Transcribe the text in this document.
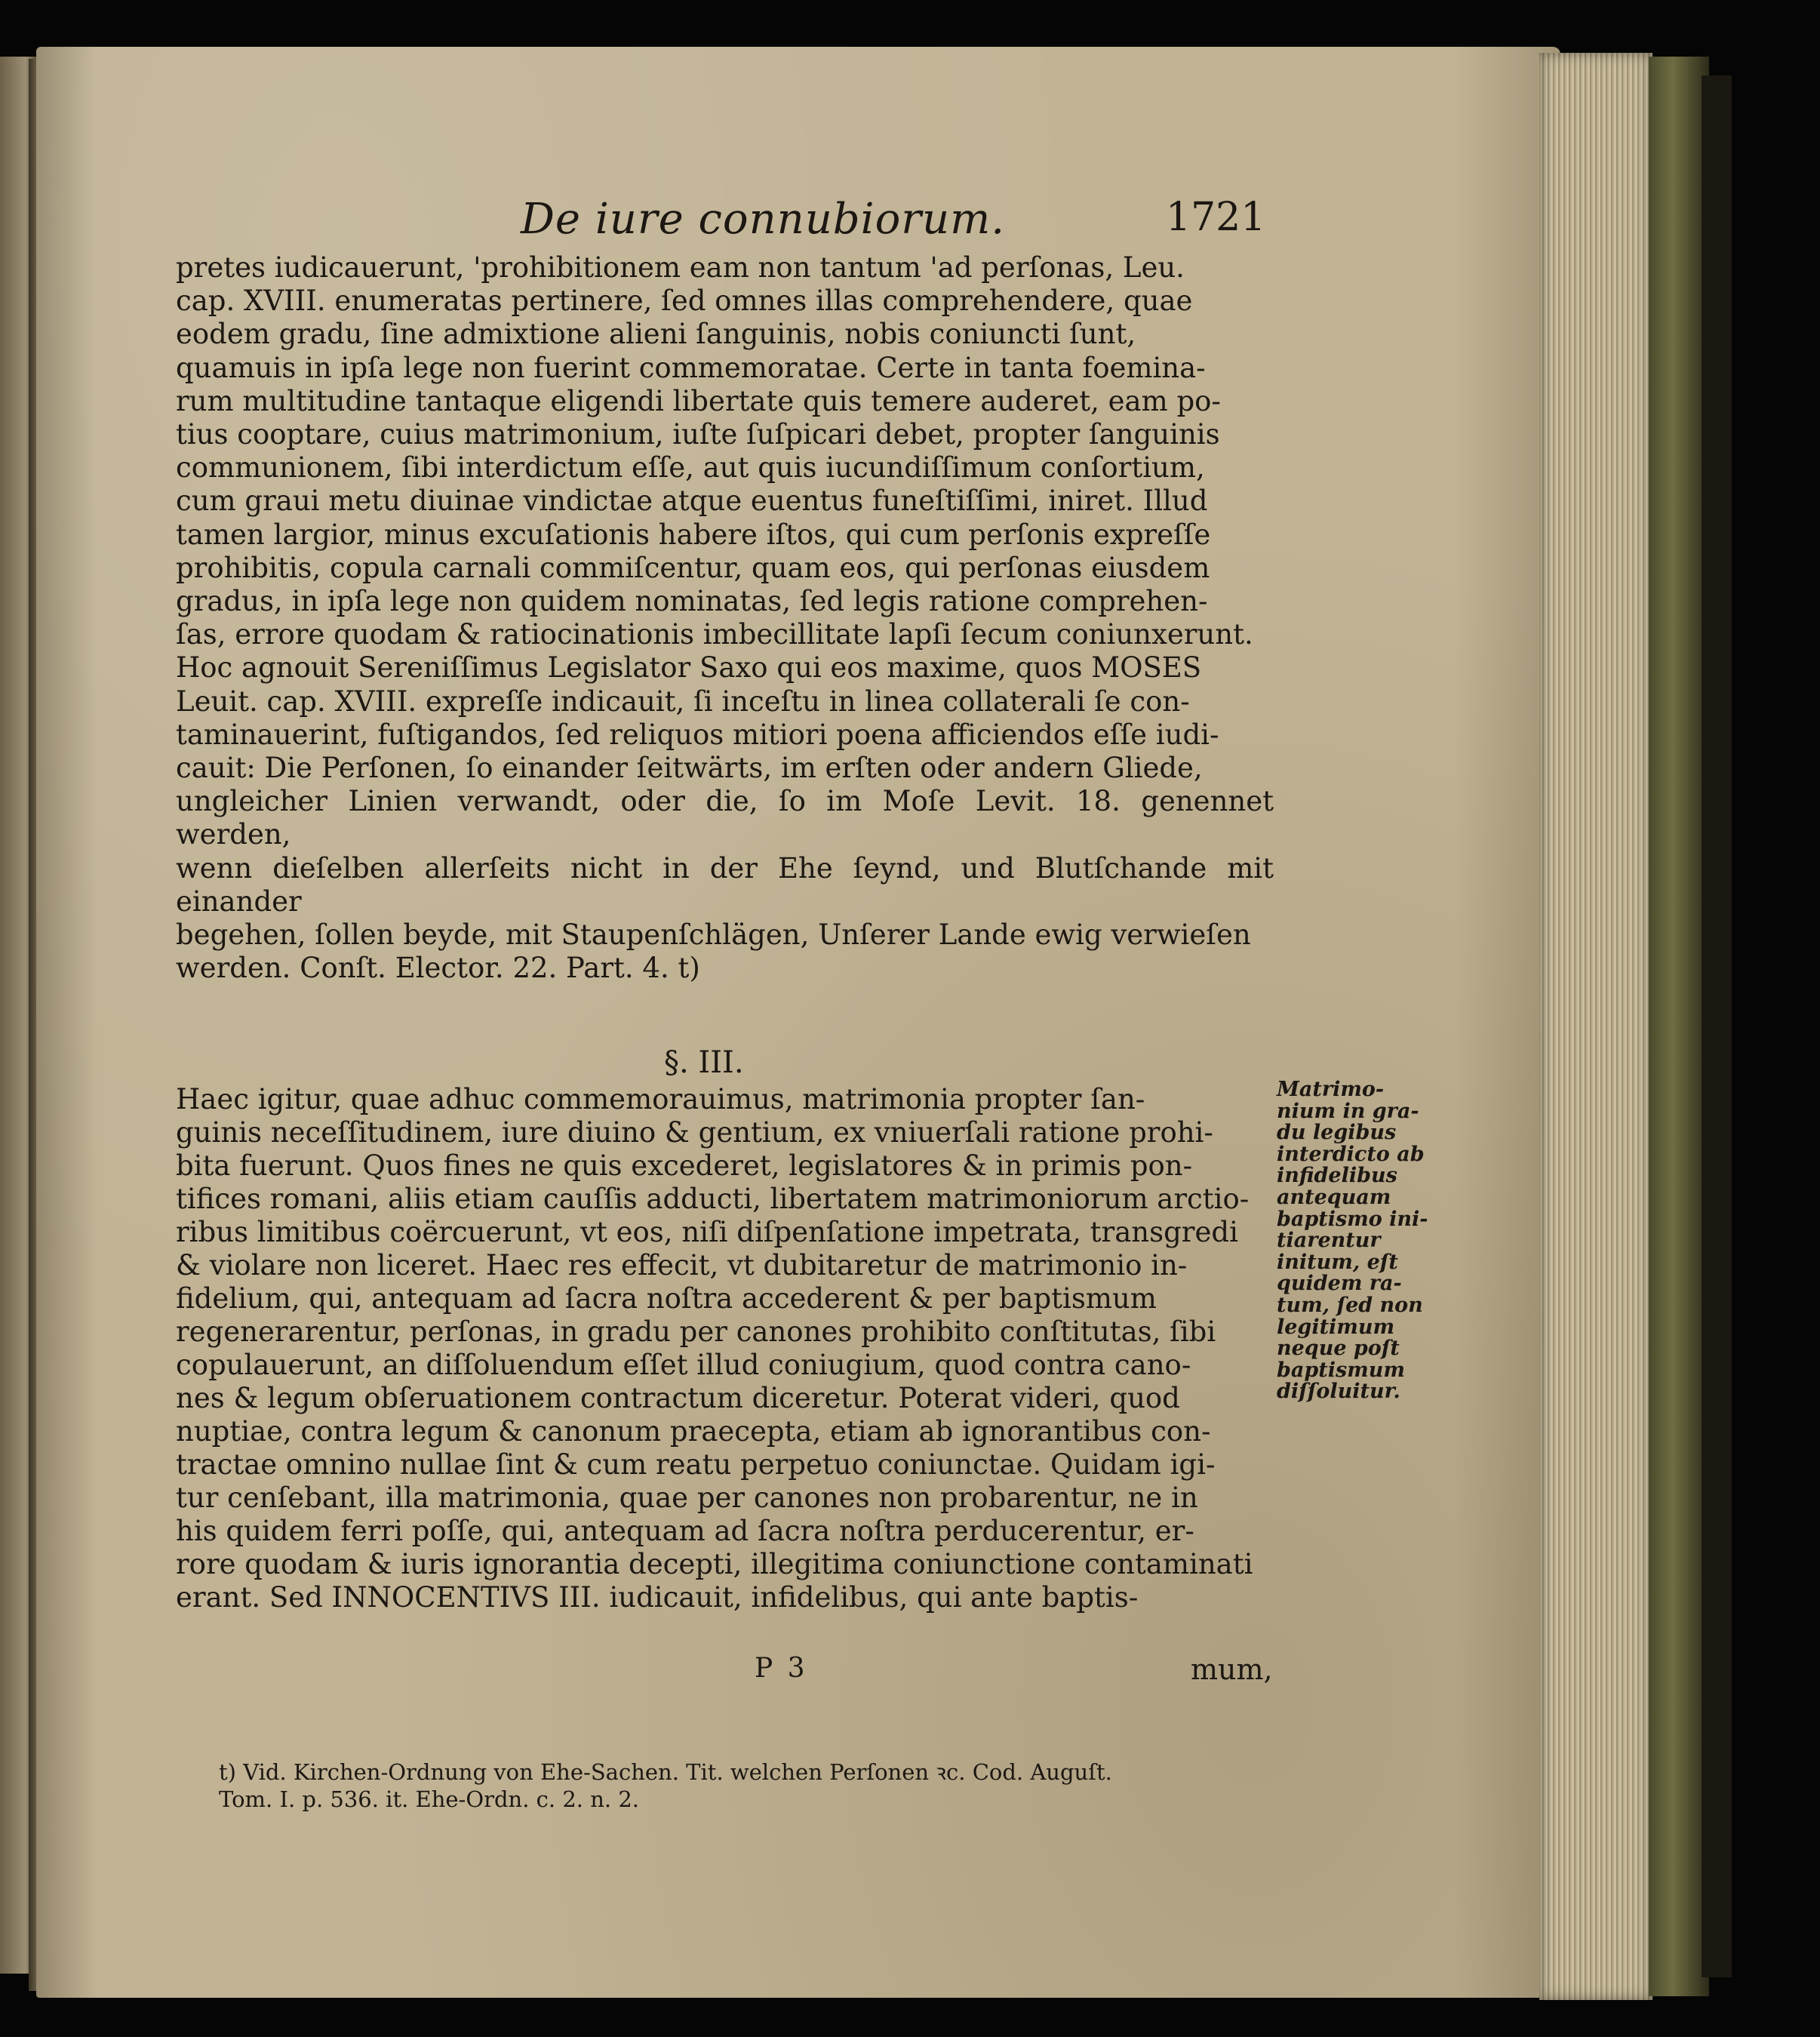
De iure connubiorum.	1721

pretes iudicauerunt, 'prohibitionem eam non tantum 'ad perſonas, Leu.
cap. XVIII. enumeratas pertinere, ſed omnes illas comprehendere, quae
eodem gradu, ſine admixtione alieni ſanguinis, nobis coniuncti ſunt,
quamuis in ipſa lege non fuerint commemoratae. Certe in tanta foemina-
rum multitudine tantaque eligendi libertate quis temere auderet, eam po-
tius cooptare, cuius matrimonium, iuſte ſuſpicari debet, propter ſanguinis
communionem, ſibi interdictum eſſe, aut quis iucundiſſimum conſortium,
cum graui metu diuinae vindictae atque euentus funeſtiſſimi, iniret. Illud
tamen largior, minus excuſationis habere iſtos, qui cum perſonis expreſſe
prohibitis, copula carnali commiſcentur, quam eos, qui perſonas eiusdem
gradus, in ipſa lege non quidem nominatas, ſed legis ratione comprehen-
ſas, errore quodam & ratiocinationis imbecillitate lapſi ſecum coniunxerunt.
Hoc agnouit Sereniſſimus Legislator Saxo qui eos maxime, quos MOSES
Leuit. cap. XVIII. expreſſe indicauit, ſi inceſtu in linea collaterali ſe con-
taminauerint, fuſtigandos, ſed reliquos mitiori poena afficiendos eſſe iudi-
cauit: Die Perſonen, ſo einander ſeitwärts, im erſten oder andern Gliede,
ungleicher Linien verwandt, oder die, ſo im Moſe Levit. 18. genennet werden,
wenn dieſelben allerſeits nicht in der Ehe ſeynd, und Blutſchande mit einander
begehen, ſollen beyde, mit Staupenſchlägen, Unſerer Lande ewig verwieſen
werden. Conſt. Elector. 22. Part. 4. t)

§. III.

Haec igitur, quae adhuc commemorauimus, matrimonia propter ſan-
guinis neceſſitudinem, iure diuino & gentium, ex vniuerſali ratione prohi-
bita fuerunt. Quos fines ne quis excederet, legislatores & in primis pon-
tifices romani, aliis etiam cauſſis adducti, libertatem matrimoniorum arctio-
ribus limitibus coërcuerunt, vt eos, niſi diſpenſatione impetrata, transgredi
& violare non liceret. Haec res effecit, vt dubitaretur de matrimonio in-
fidelium, qui, antequam ad ſacra noſtra accederent & per baptismum
regenerarentur, perſonas, in gradu per canones prohibito conſtitutas, ſibi
copulauerunt, an diſſoluendum eſſet illud coniugium, quod contra cano-
nes & legum obſeruationem contractum diceretur. Poterat videri, quod
nuptiae, contra legum & canonum praecepta, etiam ab ignorantibus con-
tractae omnino nullae ſint & cum reatu perpetuo coniunctae. Quidam igi-
tur cenſebant, illa matrimonia, quae per canones non probarentur, ne in
his quidem ferri poſſe, qui, antequam ad ſacra noſtra perducerentur, er-
rore quodam & iuris ignorantia decepti, illegitima coniunctione contaminati
erant. Sed INNOCENTIVS III. iudicauit, infidelibus, qui ante baptis-

Matrimo-
nium in gra-
du legibus
interdicto ab
infidelibus
antequam
baptismo ini-
tiarentur
initum, eſt
quidem ra-
tum, ſed non
legitimum
neque poſt
baptismum
diſſoluitur.
P 3	mum,
t) Vid. Kirchen-Ordnung von Ehe-Sachen. Tit. welchen Perſonen ꝛc. Cod. Auguſt.
Tom. I. p. 536. it. Ehe-Ordn. c. 2. n. 2.
